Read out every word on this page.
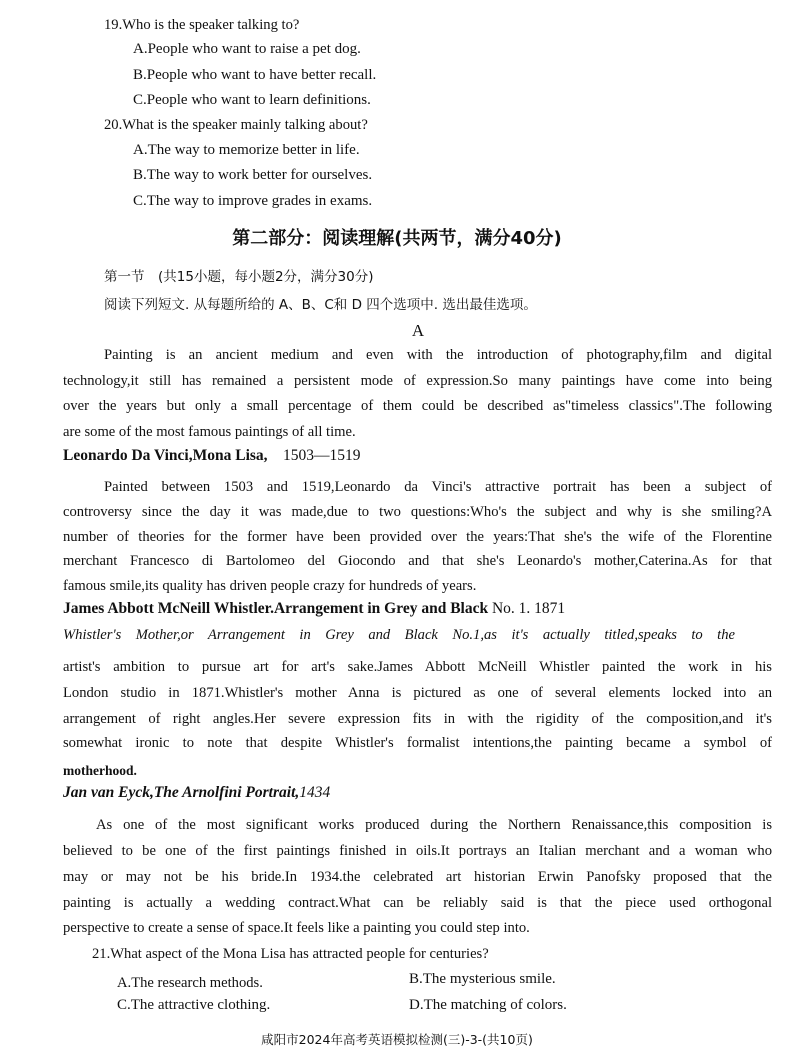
19.Who is the speaker talking to?
A.People who want to raise a pet dog.
B.People who want to have better recall.
C.People who want to learn definitions.
20.What is the speaker mainly talking about?
A.The way to memorize better in life.
B.The way to work better for ourselves.
C.The way to improve grades in exams.
第二部分：阅读理解(共两节，满分40分)
第一节　(共15小题，每小题2分，满分30分)
阅读下列短文. 从每题所给的 A、B、C和 D 四个选项中. 选出最佳选项。
A
Painting is an ancient medium and even with the introduction of photography,film and digital
technology,it still has remained a persistent mode of expression.So many paintings have come into being
over the years but only a small percentage of them could be described as"timeless classics".The following
are some of the most famous paintings of all time.
Leonardo Da Vinci,Mona Lisa, 1503—1519
Painted between 1503 and 1519,Leonardo da Vinci's attractive portrait has been a subject of
controversy since the day it was made,due to two questions:Who's the subject and why is she smiling?A
number of theories for the former have been provided over the years:That she's the wife of the Florentine
merchant Francesco di Bartolomeo del Giocondo and that she's Leonardo's mother,Caterina.As for that
famous smile,its quality has driven people crazy for hundreds of years.
James Abbott McNeill Whistler.Arrangement in Grey and Black No. 1. 1871
Whistler's Mother,or Arrangement in Grey and Black No.1,as it's actually titled,speaks to the
artist's ambition to pursue art for art's sake.James Abbott McNeill Whistler painted the work in his
London studio in 1871.Whistler's mother Anna is pictured as one of several elements locked into an
arrangement of right angles.Her severe expression fits in with the rigidity of the composition,and it's
somewhat ironic to note that despite Whistler's formalist intentions,the painting became a symbol of
motherhood.
Jan van Eyck,The Arnolfini Portrait,1434
As one of the most significant works produced during the Northern Renaissance,this composition is
believed to be one of the first paintings finished in oils.It portrays an Italian merchant and a woman who
may or may not be his bride.In 1934.the celebrated art historian Erwin Panofsky proposed that the
painting is actually a wedding contract.What can be reliably said is that the piece used orthogonal
perspective to create a sense of space.It feels like a painting you could step into.
21.What aspect of the Mona Lisa has attracted people for centuries?
A.The research methods.	B.The mysterious smile.
C.The attractive clothing.	D.The matching of colors.
咸阳市2024年高考英语模拟检测(三)-3-(共10页)
